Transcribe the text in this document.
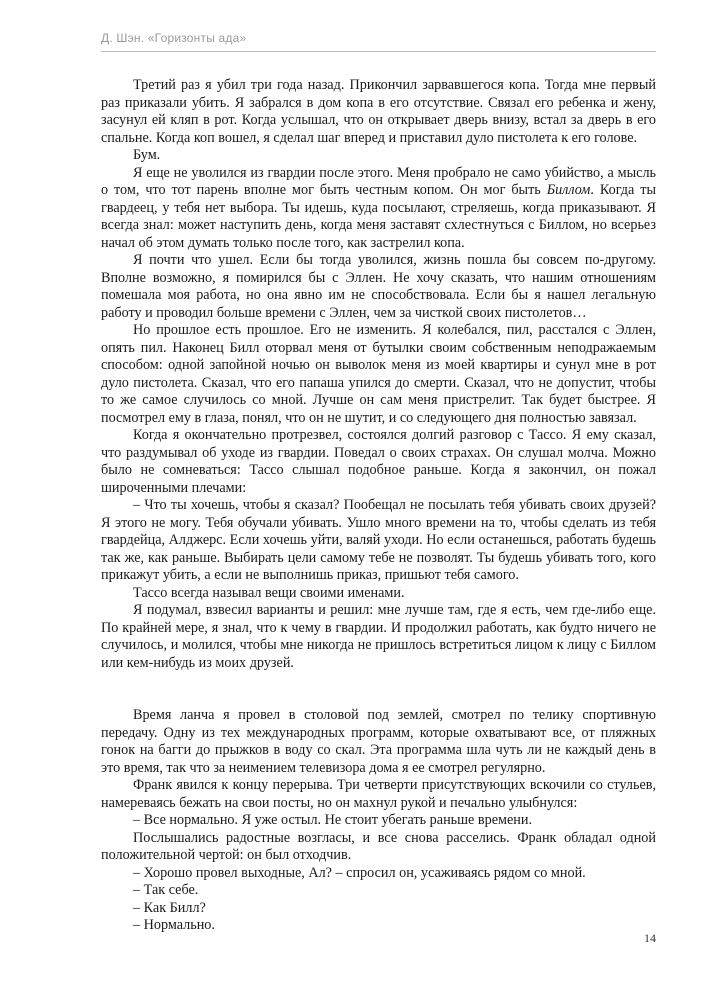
Д. Шэн. «Горизонты ада»

Третий раз я убил три года назад. Прикончил зарвавшегося копа. Тогда мне первый раз приказали убить. Я забрался в дом копа в его отсутствие. Связал его ребенка и жену, засунул ей кляп в рот. Когда услышал, что он открывает дверь внизу, встал за дверь в его спальне. Когда коп вошел, я сделал шаг вперед и приставил дуло пистолета к его голове.

Бум.

Я еще не уволился из гвардии после этого. Меня пробрало не само убийство, а мысль о том, что тот парень вполне мог быть честным копом. Он мог быть Биллом. Когда ты гвардеец, у тебя нет выбора. Ты идешь, куда посылают, стреляешь, когда приказывают. Я всегда знал: может наступить день, когда меня заставят схлестнуться с Биллом, но всерьез начал об этом думать только после того, как застрелил копа.

Я почти что ушел. Если бы тогда уволился, жизнь пошла бы совсем по-другому. Вполне возможно, я помирился бы с Эллен. Не хочу сказать, что нашим отношениям помешала моя работа, но она явно им не способствовала. Если бы я нашел легальную работу и проводил больше времени с Эллен, чем за чисткой своих пистолетов…

Но прошлое есть прошлое. Его не изменить. Я колебался, пил, расстался с Эллен, опять пил. Наконец Билл оторвал меня от бутылки своим собственным неподражаемым способом: одной запойной ночью он выволок меня из моей квартиры и сунул мне в рот дуло пистолета. Сказал, что его папаша упился до смерти. Сказал, что не допустит, чтобы то же самое случилось со мной. Лучше он сам меня пристрелит. Так будет быстрее. Я посмотрел ему в глаза, понял, что он не шутит, и со следующего дня полностью завязал.

Когда я окончательно протрезвел, состоялся долгий разговор с Тассо. Я ему сказал, что раздумывал об уходе из гвардии. Поведал о своих страхах. Он слушал молча. Можно было не сомневаться: Тассо слышал подобное раньше. Когда я закончил, он пожал широченными плечами:

– Что ты хочешь, чтобы я сказал? Пообещал не посылать тебя убивать своих друзей? Я этого не могу. Тебя обучали убивать. Ушло много времени на то, чтобы сделать из тебя гвардейца, Алджерс. Если хочешь уйти, валяй уходи. Но если останешься, работать будешь так же, как раньше. Выбирать цели самому тебе не позволят. Ты будешь убивать того, кого прикажут убить, а если не выполнишь приказ, пришьют тебя самого.

Тассо всегда называл вещи своими именами.

Я подумал, взвесил варианты и решил: мне лучше там, где я есть, чем где-либо еще. По крайней мере, я знал, что к чему в гвардии. И продолжил работать, как будто ничего не случилось, и молился, чтобы мне никогда не пришлось встретиться лицом к лицу с Биллом или кем-нибудь из моих друзей.

Время ланча я провел в столовой под землей, смотрел по телику спортивную передачу. Одну из тех международных программ, которые охватывают все, от пляжных гонок на багги до прыжков в воду со скал. Эта программа шла чуть ли не каждый день в это время, так что за неимением телевизора дома я ее смотрел регулярно.

Франк явился к концу перерыва. Три четверти присутствующих вскочили со стульев, намереваясь бежать на свои посты, но он махнул рукой и печально улыбнулся:

– Все нормально. Я уже остыл. Не стоит убегать раньше времени.

Послышались радостные возгласы, и все снова расселись. Франк обладал одной положительной чертой: он был отходчив.

– Хорошо провел выходные, Ал? – спросил он, усаживаясь рядом со мной.

– Так себе.

– Как Билл?

– Нормально.

14
